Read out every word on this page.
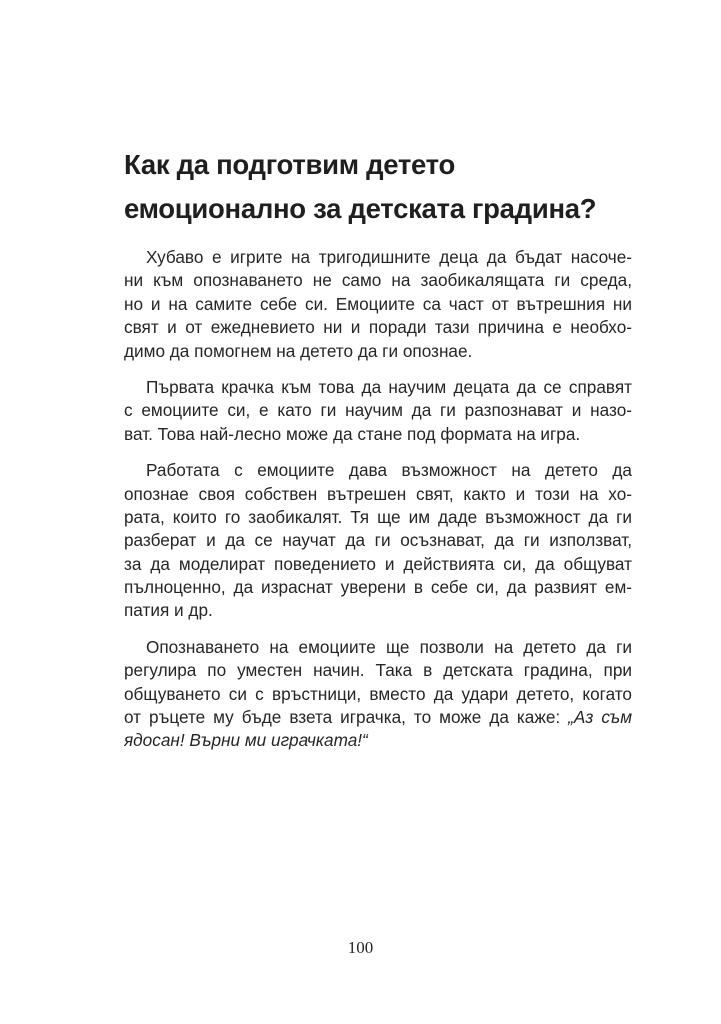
Как да подготвим детето
емоционално за детската градина?

Хубаво е игрите на тригодишните деца да бъдат насоче-
ни към опознаването не само на заобикалящата ги среда,
но и на самите себе си. Емоциите са част от вътрешния ни
свят и от ежедневието ни и поради тази причина е необхо-
димо да помогнем на детето да ги опознае.

Първата крачка към това да научим децата да се справят
с емоциите си, е като ги научим да ги разпознават и назо-
ват. Това най-лесно може да стане под формата на игра.

Работата с емоциите дава възможност на детето да
опознае своя собствен вътрешен свят, както и този на хо-
рата, които го заобикалят. Тя ще им даде възможност да ги
разберат и да се научат да ги осъзнават, да ги използват,
за да моделират поведението и действията си, да общуват
пълноценно, да израснат уверени в себе си, да развият ем-
патия и др.

Опознаването на емоциите ще позволи на детето да ги
регулира по уместен начин. Така в детската градина, при
общуването си с връстници, вместо да удари детето, когато
от ръцете му бъде взета играчка, то може да каже: „Аз съм
ядосан! Върни ми играчката!“

100
